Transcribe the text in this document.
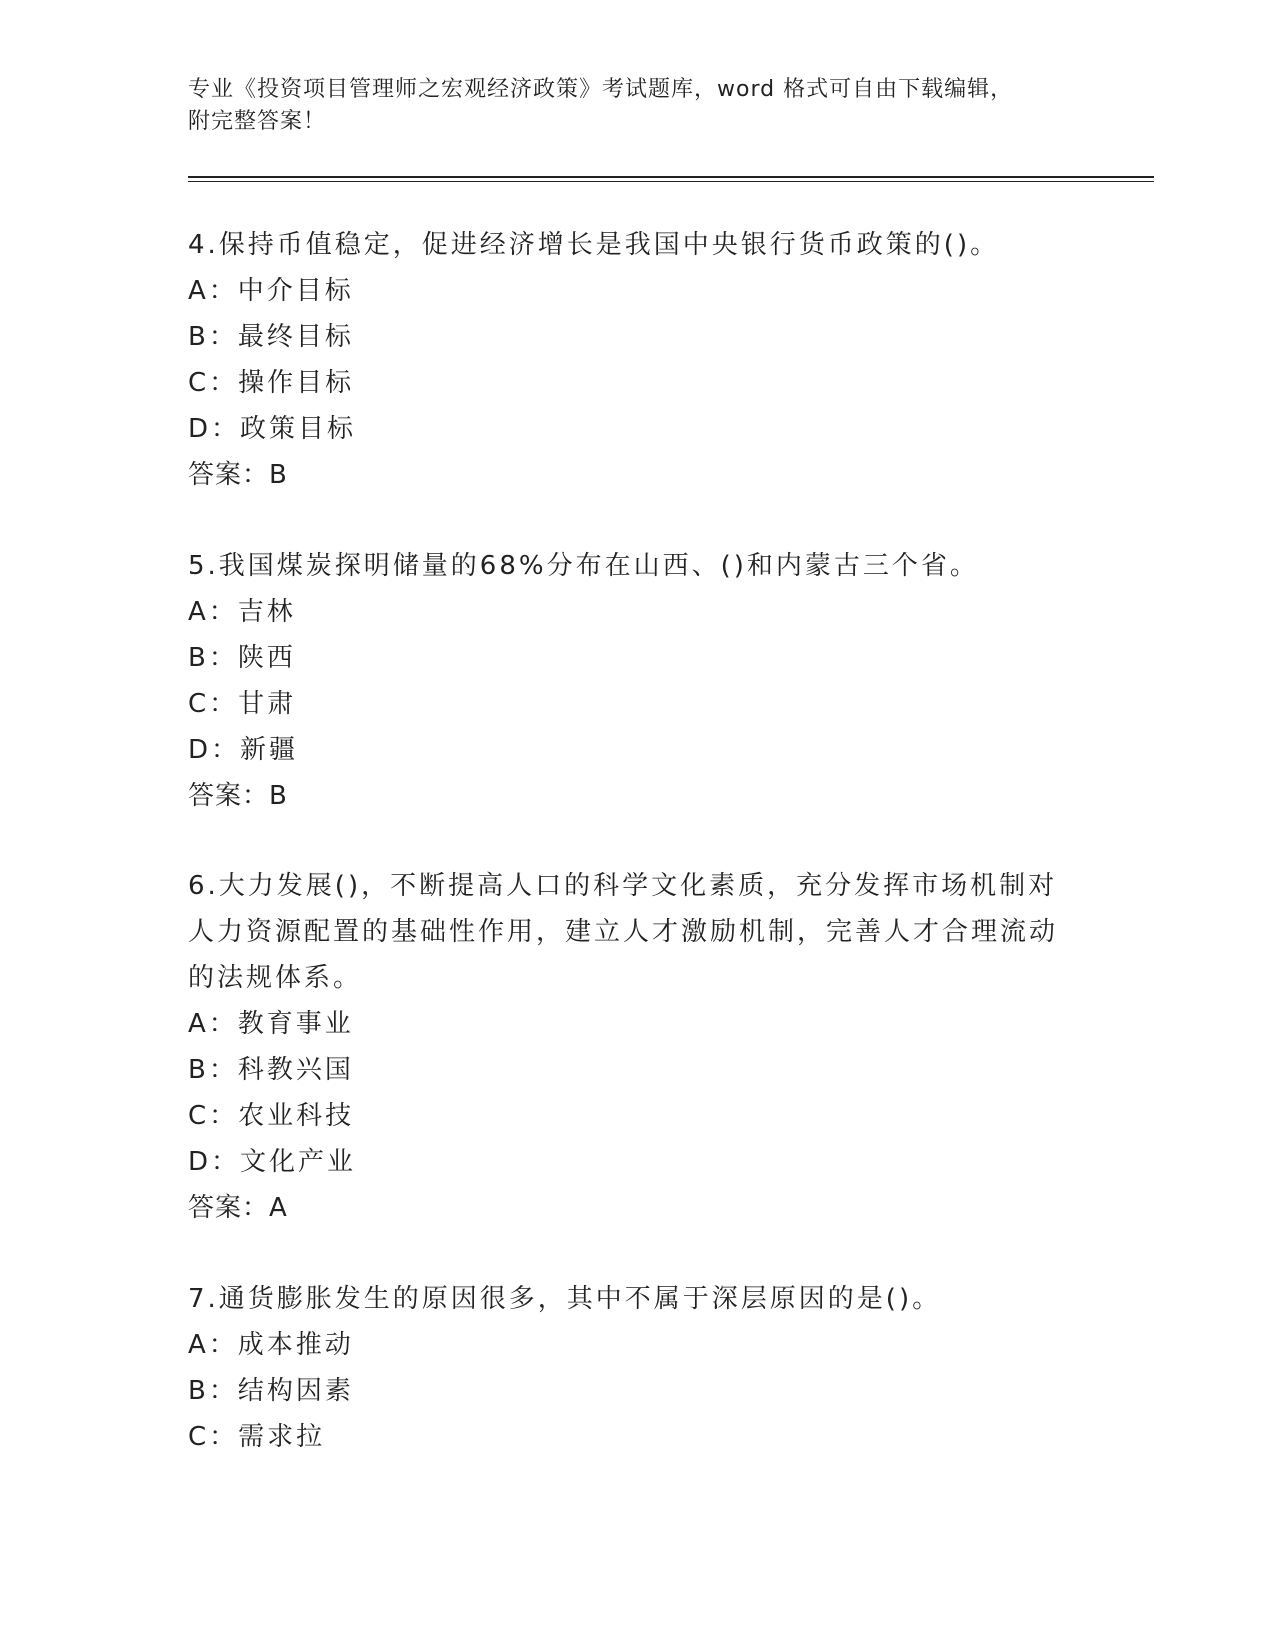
专业《投资项目管理师之宏观经济政策》考试题库，word 格式可自由下载编辑，
附完整答案！
4.保持币值稳定，促进经济增长是我国中央银行货币政策的()。
A：中介目标
B：最终目标
C：操作目标
D：政策目标
答案：B
5.我国煤炭探明储量的68%分布在山西、()和内蒙古三个省。
A：吉林
B：陕西
C：甘肃
D：新疆
答案：B
6.大力发展()，不断提高人口的科学文化素质，充分发挥市场机制对
人力资源配置的基础性作用，建立人才激励机制，完善人才合理流动
的法规体系。
A：教育事业
B：科教兴国
C：农业科技
D：文化产业
答案：A
7.通货膨胀发生的原因很多，其中不属于深层原因的是()。
A：成本推动
B：结构因素
C：需求拉
